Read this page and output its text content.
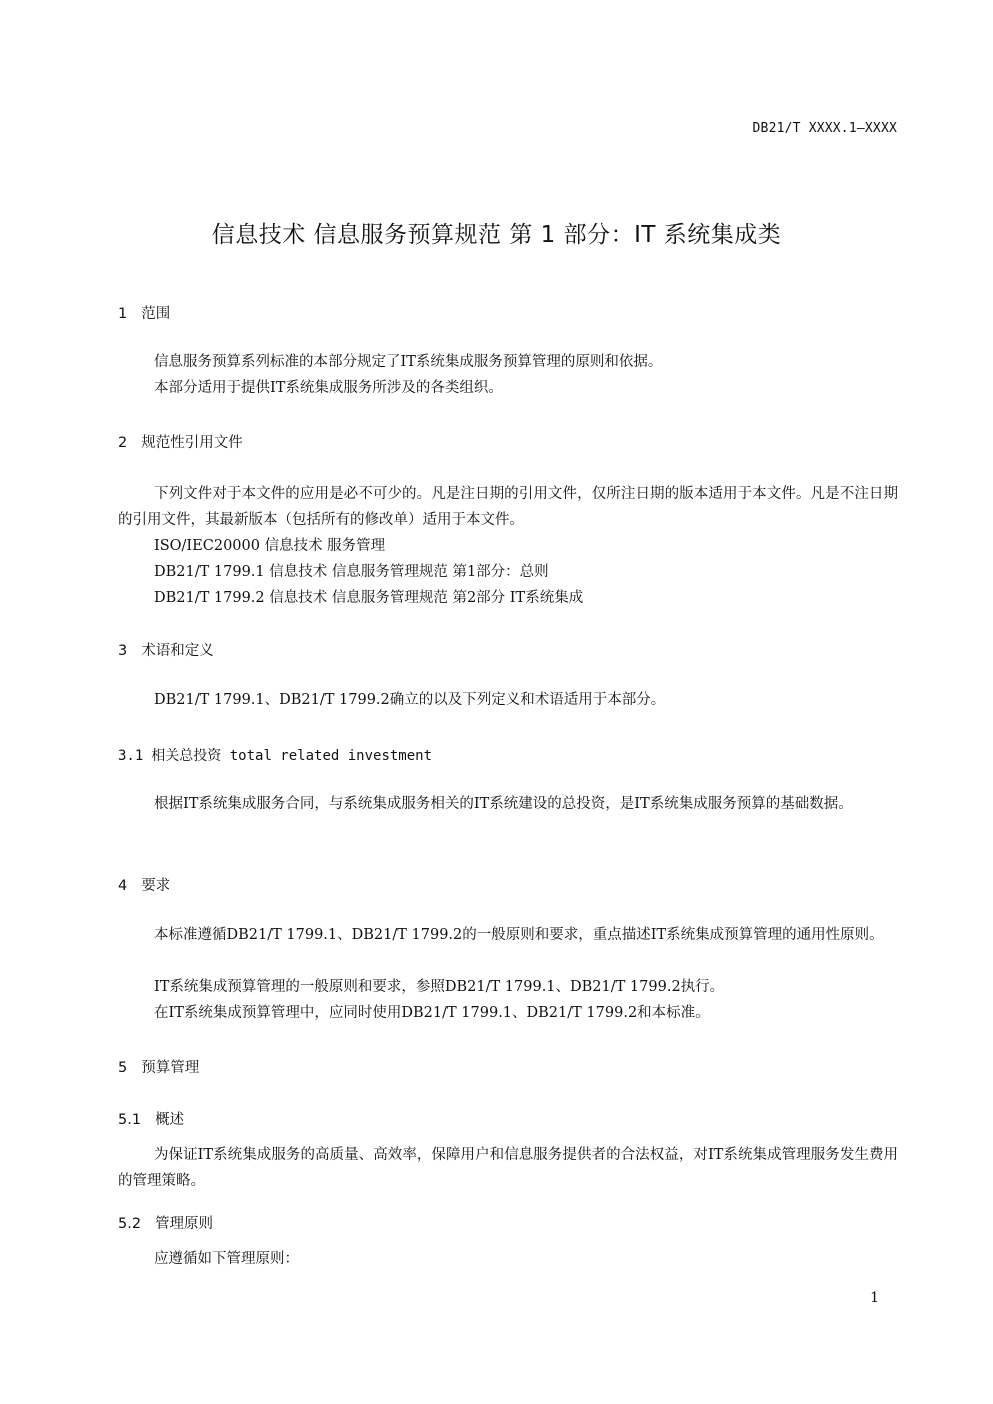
DB21/T XXXX.1—XXXX
信息技术 信息服务预算规范 第 1 部分：IT 系统集成类
1 范围
信息服务预算系列标准的本部分规定了IT系统集成服务预算管理的原则和依据。
本部分适用于提供IT系统集成服务所涉及的各类组织。
2 规范性引用文件
下列文件对于本文件的应用是必不可少的。凡是注日期的引用文件，仅所注日期的版本适用于本文件。凡是不注日期的引用文件，其最新版本（包括所有的修改单）适用于本文件。
ISO/IEC20000 信息技术 服务管理
DB21/T 1799.1 信息技术 信息服务管理规范 第1部分：总则
DB21/T 1799.2 信息技术 信息服务管理规范 第2部分 IT系统集成
3 术语和定义
DB21/T 1799.1、DB21/T 1799.2确立的以及下列定义和术语适用于本部分。
3.1 相关总投资 total related investment
根据IT系统集成服务合同，与系统集成服务相关的IT系统建设的总投资，是IT系统集成服务预算的基础数据。
4 要求
本标准遵循DB21/T 1799.1、DB21/T 1799.2的一般原则和要求，重点描述IT系统集成预算管理的通用性原则。
IT系统集成预算管理的一般原则和要求，参照DB21/T 1799.1、DB21/T 1799.2执行。
在IT系统集成预算管理中，应同时使用DB21/T 1799.1、DB21/T 1799.2和本标准。
5 预算管理
5.1 概述
为保证IT系统集成服务的高质量、高效率，保障用户和信息服务提供者的合法权益，对IT系统集成管理服务发生费用的管理策略。
5.2 管理原则
应遵循如下管理原则：
1
